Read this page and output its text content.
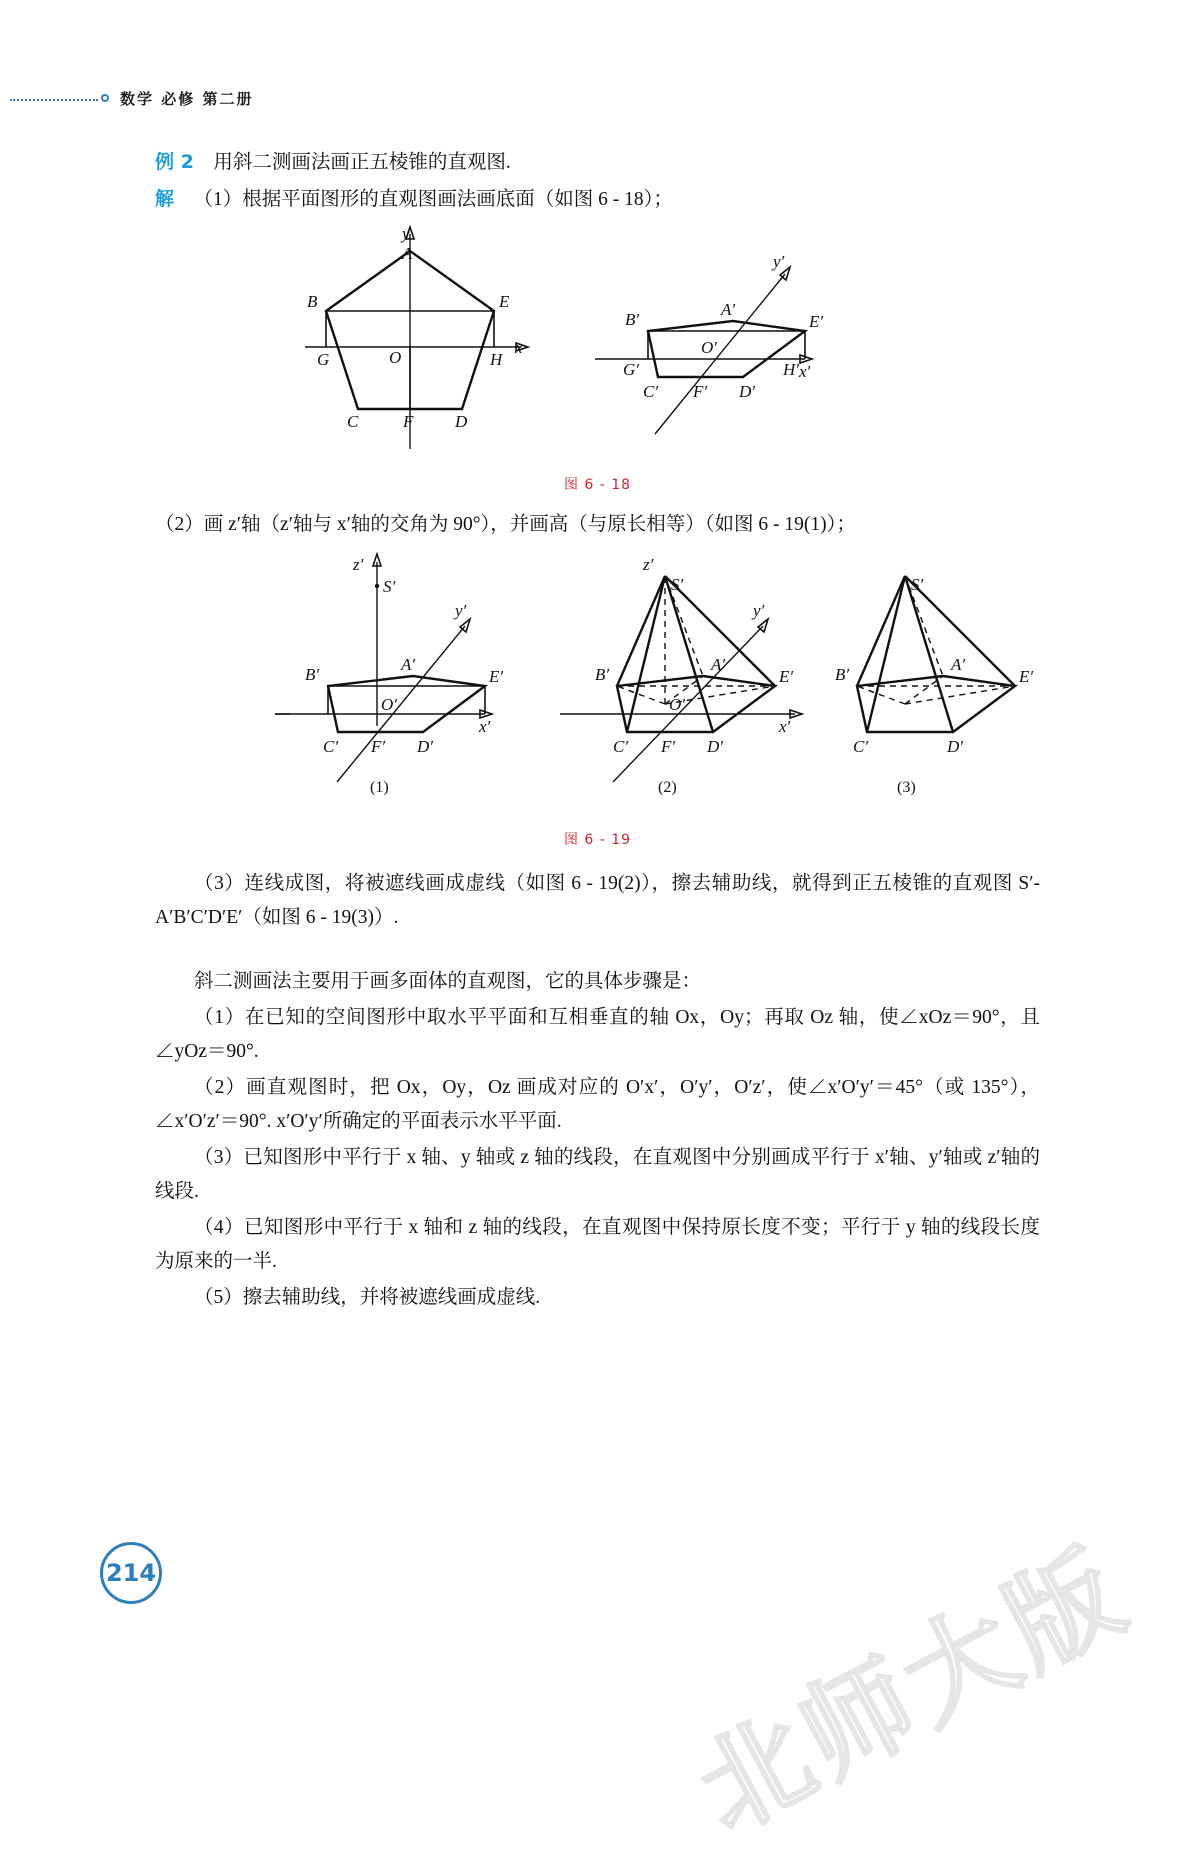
数学 必修 第二册

例 2 用斜二测画法画正五棱锥的直观图.

解 （1）根据平面图形的直观图画法画底面（如图 6 - 18）；

y
x
A
B	E
G	H
O
C	F D
y′
x′
A′
B′	E′
G′	H′
O′
C′ F′ D′
图 6 - 18

（2）画 z′轴（z′轴与 x′轴的交角为 90°），并画高（与原长相等）（如图 6 - 19(1)）；

z′
S′
y′
x′
A′
B′	E′
O′
C′ F′ D′
z′
S′
y′
x′
A′
B′	E′
O′
C′ F′ D′
S′
A′
B′	E′
C′	D′
(1)	(2)	(3)
图 6 - 19

（3）连线成图，将被遮线画成虚线（如图 6 - 19(2)），擦去辅助线，就得到正五棱锥的直观图 S′-A′B′C′D′E′（如图 6 - 19(3)）.

斜二测画法主要用于画多面体的直观图，它的具体步骤是：

（1）在已知的空间图形中取水平平面和互相垂直的轴 Ox，Oy；再取 Oz 轴，使∠xOz＝90°，且∠yOz＝90°.

（2）画直观图时，把 Ox，Oy，Oz 画成对应的 O′x′，O′y′，O′z′，使∠x′O′y′＝45°（或 135°），∠x′O′z′＝90°. x′O′y′所确定的平面表示水平平面.

（3）已知图形中平行于 x 轴、y 轴或 z 轴的线段，在直观图中分别画成平行于 x′轴、y′轴或 z′轴的线段.

（4）已知图形中平行于 x 轴和 z 轴的线段，在直观图中保持原长度不变；平行于 y 轴的线段长度为原来的一半.

（5）擦去辅助线，并将被遮线画成虚线.

北师大版
214
